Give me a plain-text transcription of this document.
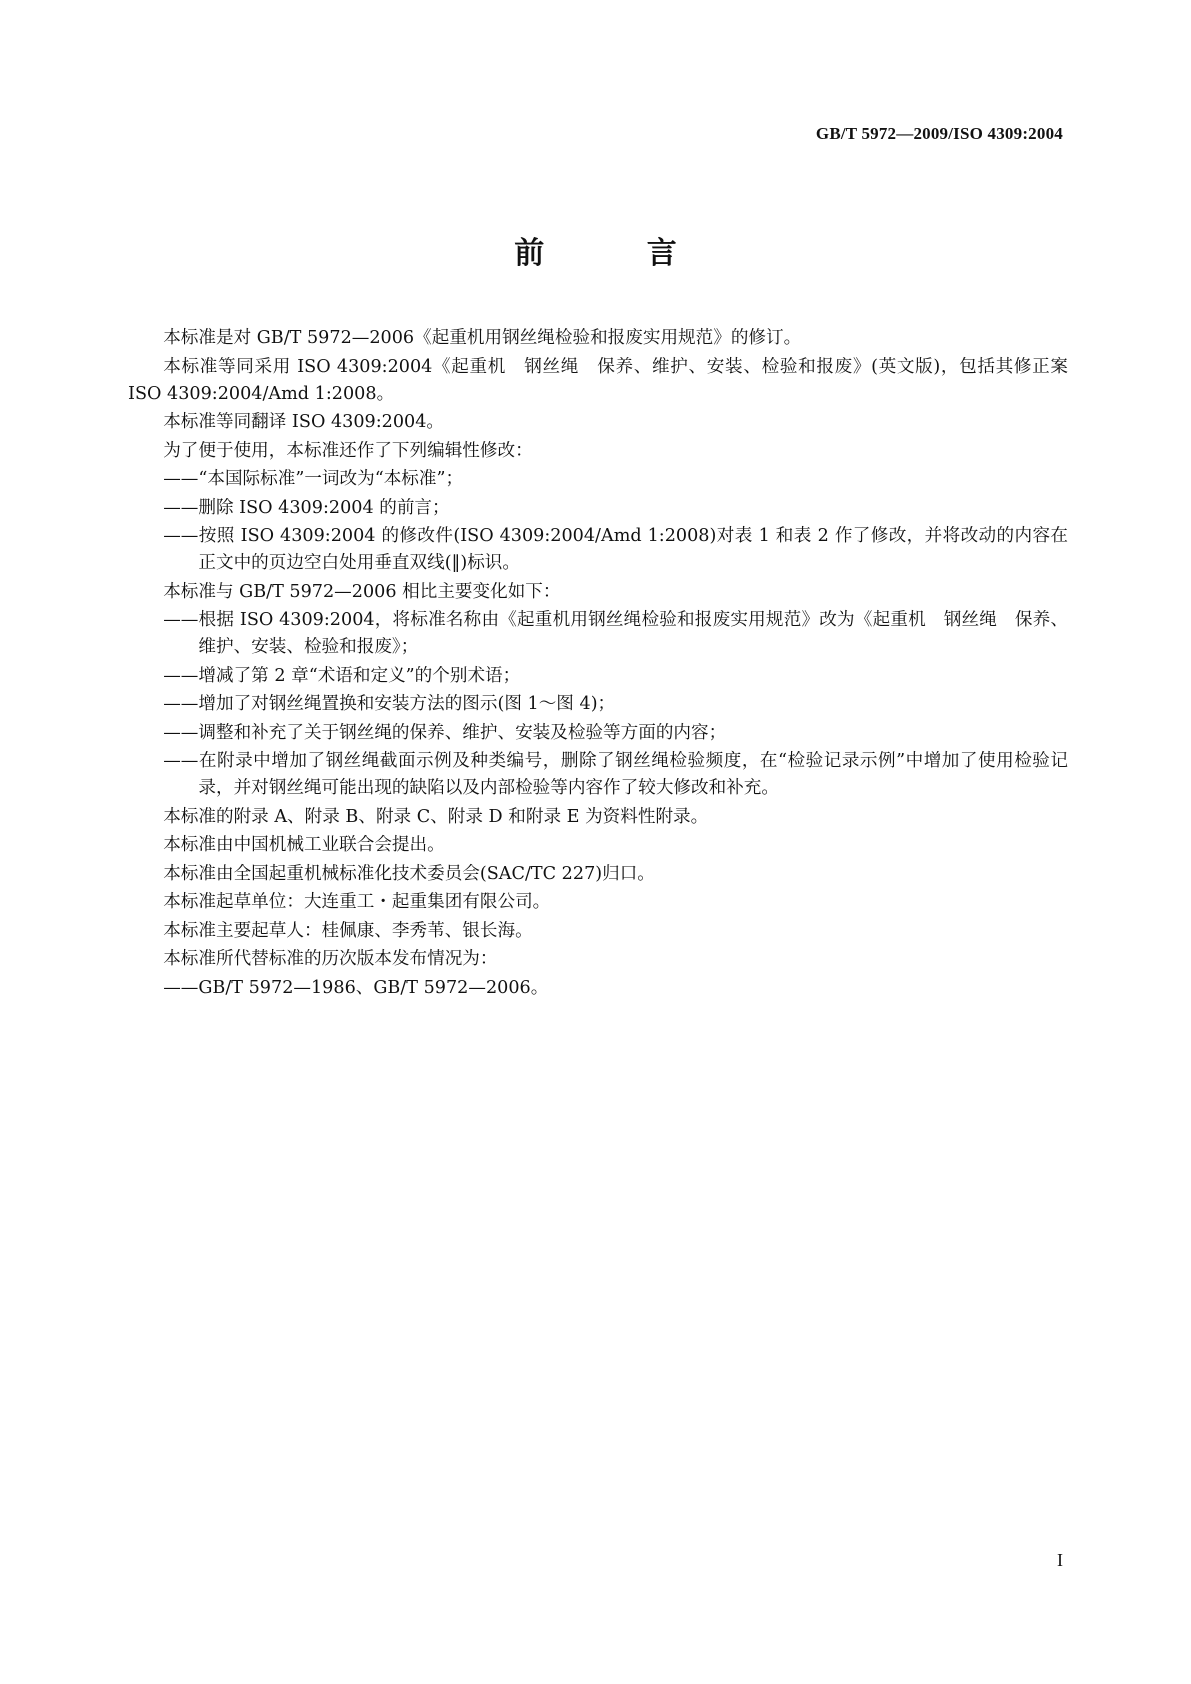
GB/T 5972—2009/ISO 4309:2004
前 言

本标准是对 GB/T 5972—2006《起重机用钢丝绳检验和报废实用规范》的修订。

本标准等同采用 ISO 4309:2004《起重机　钢丝绳　保养、维护、安装、检验和报废》(英文版)，包括其修正案 ISO 4309:2004/Amd 1:2008。

本标准等同翻译 ISO 4309:2004。

为了便于使用，本标准还作了下列编辑性修改：

——“本国际标准”一词改为“本标准”；

——删除 ISO 4309:2004 的前言；

——按照 ISO 4309:2004 的修改件(ISO 4309:2004/Amd 1:2008)对表 1 和表 2 作了修改，并将改动的内容在正文中的页边空白处用垂直双线(‖)标识。

本标准与 GB/T 5972—2006 相比主要变化如下：

——根据 ISO 4309:2004，将标准名称由《起重机用钢丝绳检验和报废实用规范》改为《起重机　钢丝绳　保养、维护、安装、检验和报废》；

——增减了第 2 章“术语和定义”的个别术语；

——增加了对钢丝绳置换和安装方法的图示(图 1～图 4)；

——调整和补充了关于钢丝绳的保养、维护、安装及检验等方面的内容；

——在附录中增加了钢丝绳截面示例及种类编号，删除了钢丝绳检验频度，在“检验记录示例”中增加了使用检验记录，并对钢丝绳可能出现的缺陷以及内部检验等内容作了较大修改和补充。

本标准的附录 A、附录 B、附录 C、附录 D 和附录 E 为资料性附录。

本标准由中国机械工业联合会提出。

本标准由全国起重机械标准化技术委员会(SAC/TC 227)归口。

本标准起草单位：大连重工・起重集团有限公司。

本标准主要起草人：桂佩康、李秀苇、银长海。

本标准所代替标准的历次版本发布情况为：

——GB/T 5972—1986、GB/T 5972—2006。

I
